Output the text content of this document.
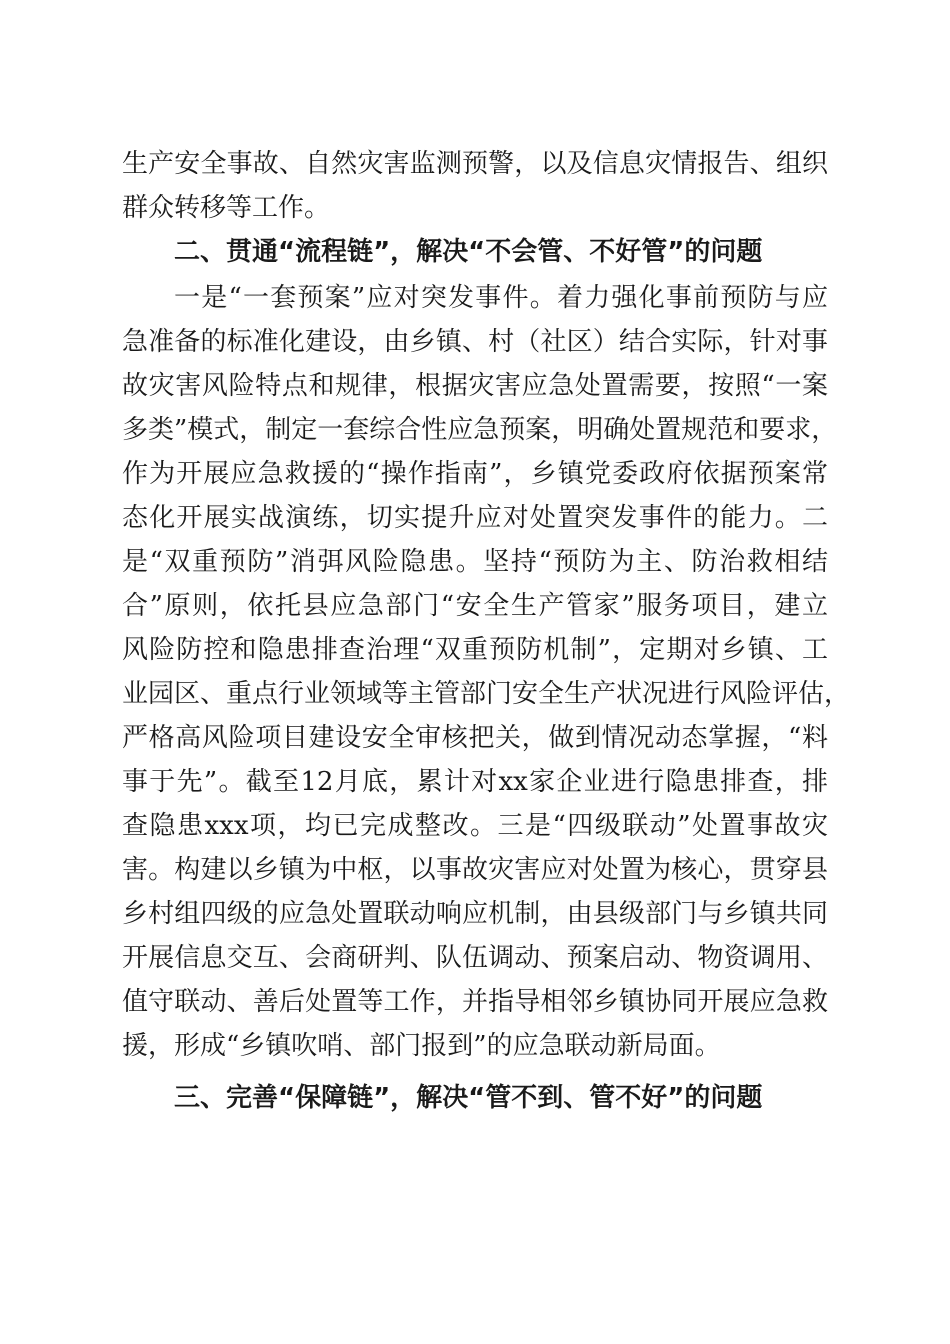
生产安全事故、自然灾害监测预警，以及信息灾情报告、组织

群众转移等工作。

二、贯通“流程链”，解决“不会管、不好管”的问题

一是“一套预案”应对突发事件。着力强化事前预防与应

急准备的标准化建设，由乡镇、村（社区）结合实际，针对事

故灾害风险特点和规律，根据灾害应急处置需要，按照“一案

多类”模式，制定一套综合性应急预案，明确处置规范和要求，

作为开展应急救援的“操作指南”，乡镇党委政府依据预案常

态化开展实战演练，切实提升应对处置突发事件的能力。二

是“双重预防”消弭风险隐患。坚持“预防为主、防治救相结

合”原则，依托县应急部门“安全生产管家”服务项目，建立

风险防控和隐患排查治理“双重预防机制”，定期对乡镇、工

业园区、重点行业领域等主管部门安全生产状况进行风险评估，

严格高风险项目建设安全审核把关，做到情况动态掌握，“料

事于先”。截至12月底，累计对xx家企业进行隐患排查，排

查隐患xxx项，均已完成整改。三是“四级联动”处置事故灾

害。构建以乡镇为中枢，以事故灾害应对处置为核心，贯穿县

乡村组四级的应急处置联动响应机制，由县级部门与乡镇共同

开展信息交互、会商研判、队伍调动、预案启动、物资调用、

值守联动、善后处置等工作，并指导相邻乡镇协同开展应急救

援，形成“乡镇吹哨、部门报到”的应急联动新局面。

三、完善“保障链”，解决“管不到、管不好”的问题
